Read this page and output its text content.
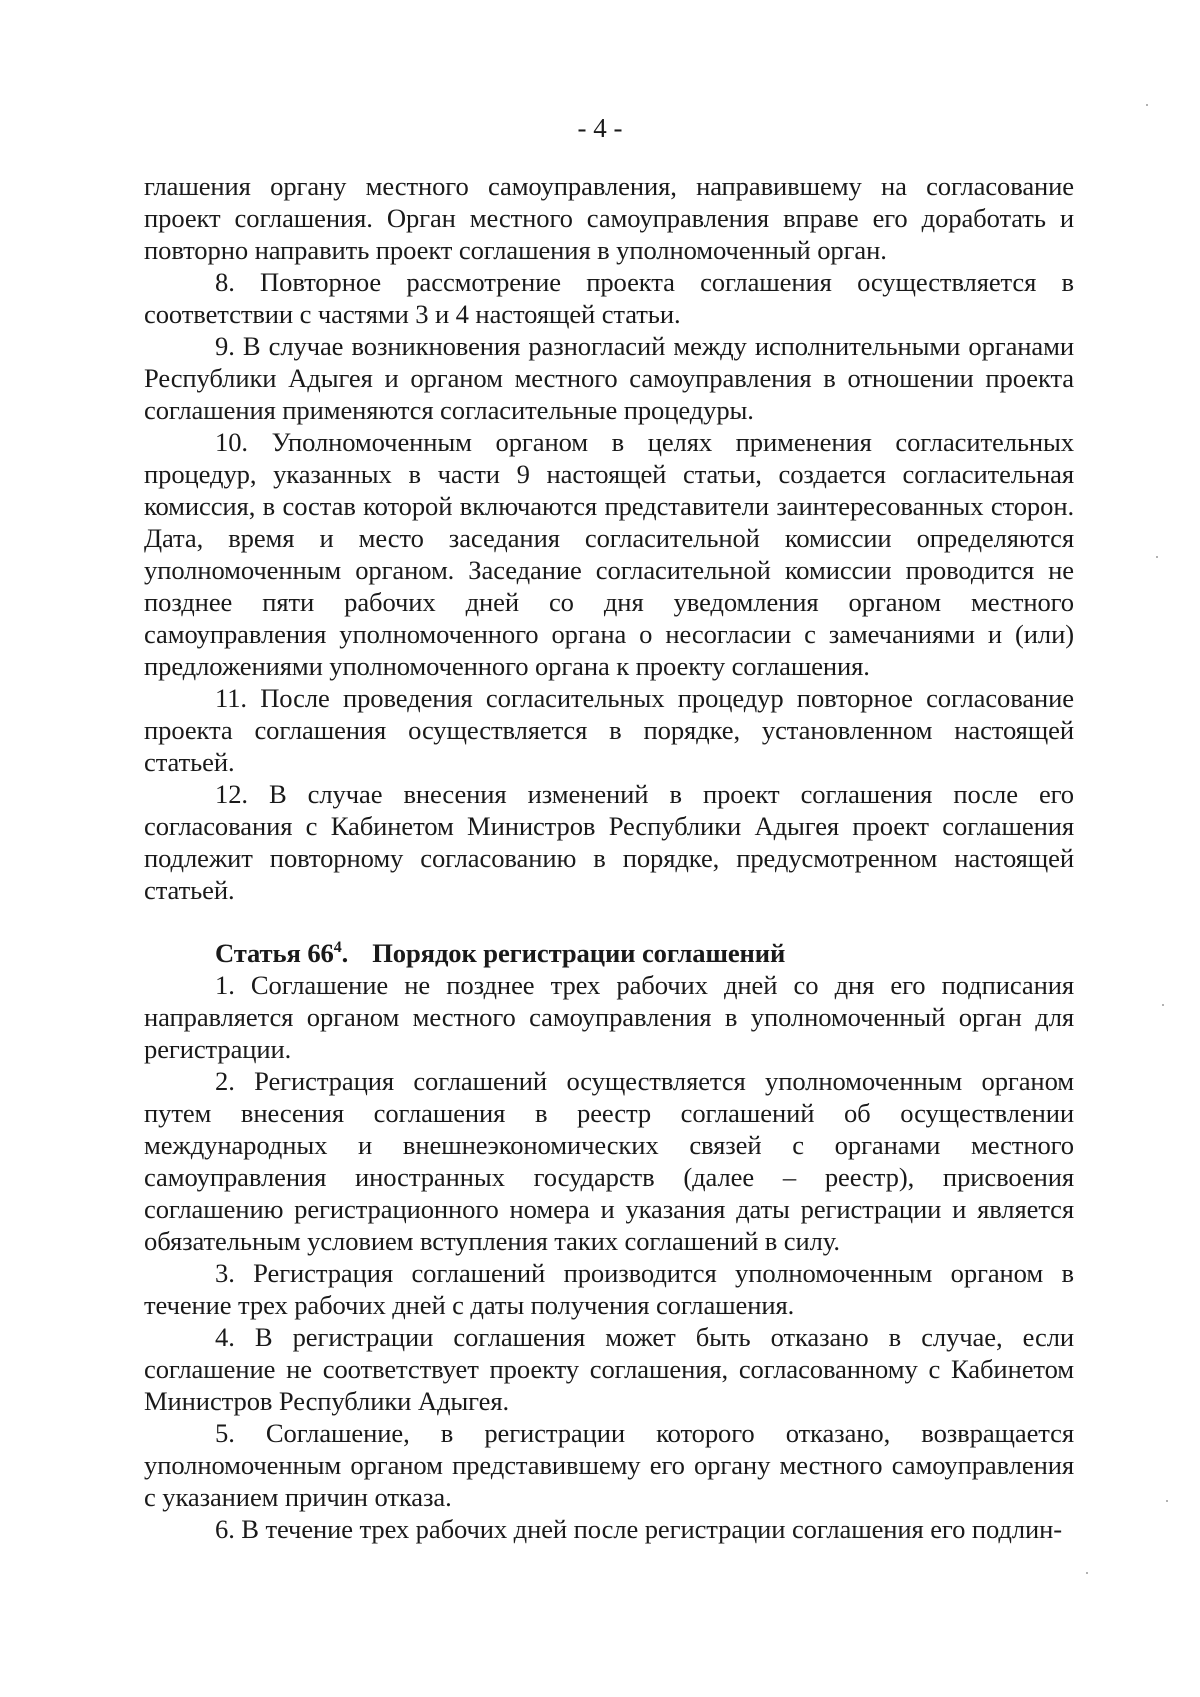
- 4 -

глашения органу местного самоуправления, направившему на согласование проект соглашения. Орган местного самоуправления вправе его доработать и повторно направить проект соглашения в уполномоченный орган.

8. Повторное рассмотрение проекта соглашения осуществляется в соответствии с частями 3 и 4 настоящей статьи.

9. В случае возникновения разногласий между исполнительными органами Республики Адыгея и органом местного самоуправления в отношении проекта соглашения применяются согласительные процедуры.

10. Уполномоченным органом в целях применения согласительных процедур, указанных в части 9 настоящей статьи, создается согласительная комиссия, в состав которой включаются представители заинтересованных сторон. Дата, время и место заседания согласительной комиссии определяются уполномоченным органом. Заседание согласительной комиссии проводится не позднее пяти рабочих дней со дня уведомления органом местного самоуправления уполномоченного органа о несогласии с замечаниями и (или) предложениями уполномоченного органа к проекту соглашения.

11. После проведения согласительных процедур повторное согласование проекта соглашения осуществляется в порядке, установленном настоящей статьей.

12. В случае внесения изменений в проект соглашения после его согласования с Кабинетом Министров Республики Адыгея проект соглашения подлежит повторному согласованию в порядке, предусмотренном настоящей статьей.

Статья $66^4$. Порядок регистрации соглашений

1. Соглашение не позднее трех рабочих дней со дня его подписания направляется органом местного самоуправления в уполномоченный орган для регистрации.

2. Регистрация соглашений осуществляется уполномоченным органом путем внесения соглашения в реестр соглашений об осуществлении международных и внешнеэкономических связей с органами местного самоуправления иностранных государств (далее – реестр), присвоения соглашению регистрационного номера и указания даты регистрации и является обязательным условием вступления таких соглашений в силу.

3. Регистрация соглашений производится уполномоченным органом в течение трех рабочих дней с даты получения соглашения.

4. В регистрации соглашения может быть отказано в случае, если соглашение не соответствует проекту соглашения, согласованному с Кабинетом Министров Республики Адыгея.

5. Соглашение, в регистрации которого отказано, возвращается уполномоченным органом представившему его органу местного самоуправления с указанием причин отказа.

6. В течение трех рабочих дней после регистрации соглашения его подлин-
